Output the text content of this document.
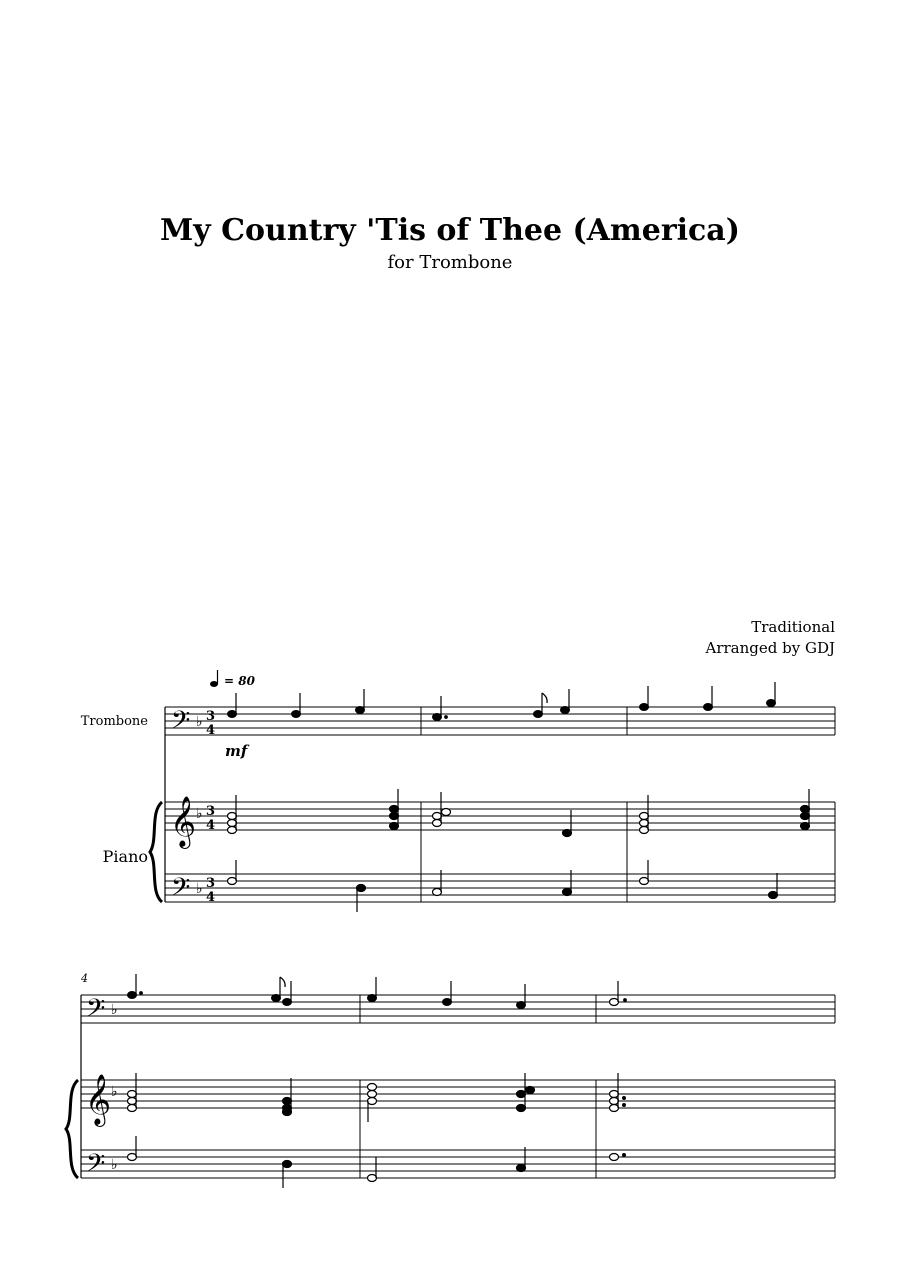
My Country 'Tis of Thee (America)
for Trombone
Traditional
Arranged by GDJ
= 80
Trombone
Piano
𝄢
𝄞
𝄢
♭
♭
♭
3
4
3
4
3
4
mf
4
𝄢
𝄞
𝄢
♭
♭
♭
